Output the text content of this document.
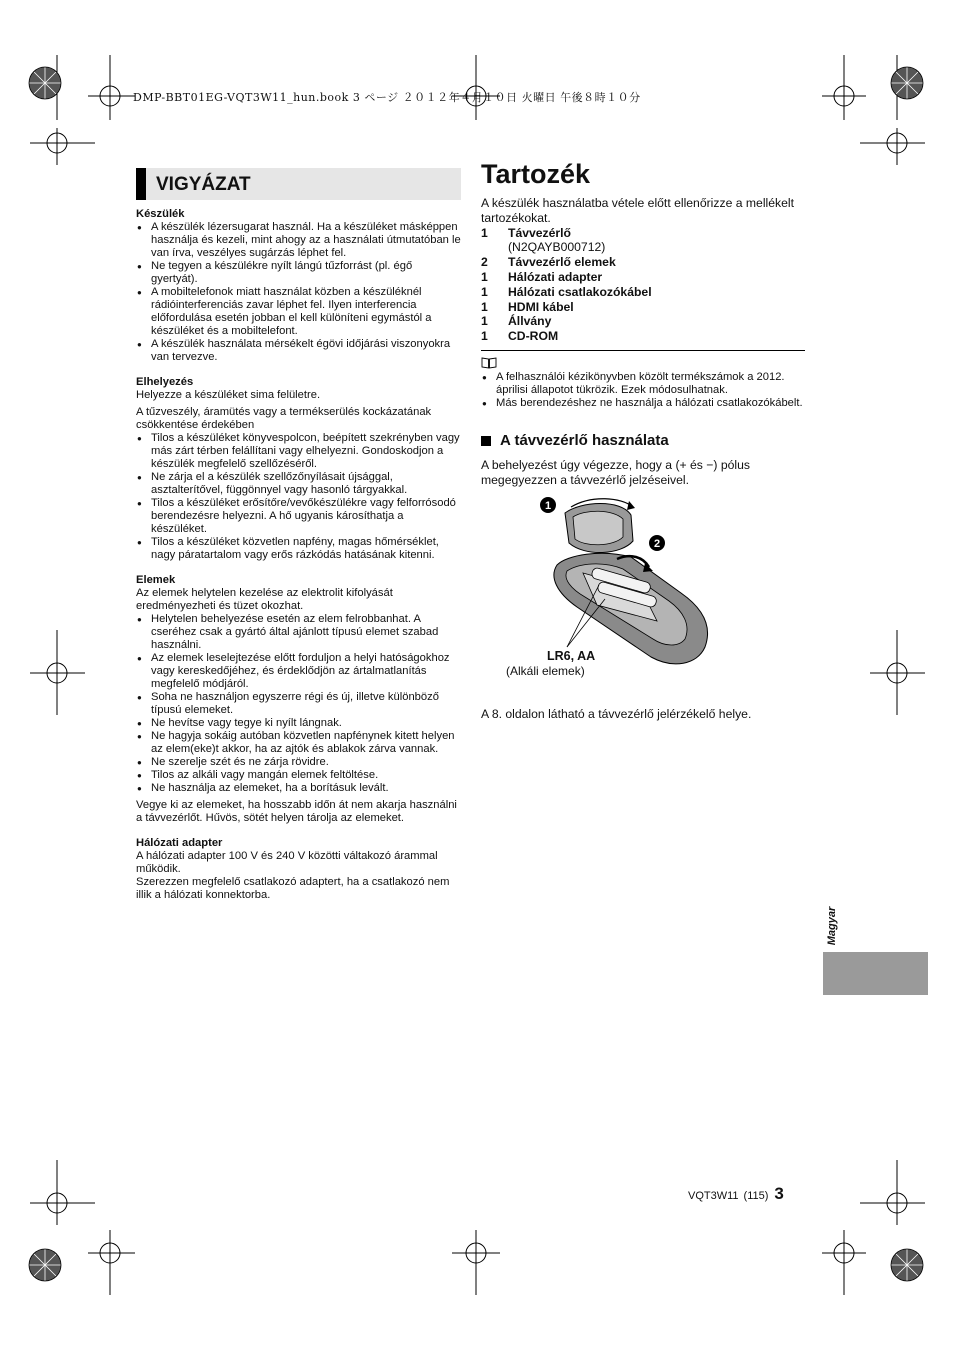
DMP-BBT01EG-VQT3W11_hun.book 3 ページ ２０１２年４月１０日 火曜日 午後８時１０分
VIGYÁZAT
Készülék
● A készülék lézersugarat használ. Ha a készüléket másképpen használja és kezeli, mint ahogy az a használati útmutatóban le van írva, veszélyes sugárzás léphet fel.
● Ne tegyen a készülékre nyílt lángú tűzforrást (pl. égő gyertyát).
● A mobiltelefonok miatt használat közben a készüléknél rádióinterferenciás zavar léphet fel. Ilyen interferencia előfordulása esetén jobban el kell különíteni egymástól a készüléket és a mobiltelefont.
● A készülék használata mérsékelt égövi időjárási viszonyokra van tervezve.
Elhelyezés

Helyezze a készüléket sima felületre.

A tűzveszély, áramütés vagy a termékserülés kockázatának csökkentése érdekében

● Tilos a készüléket könyvespolcon, beépített szekrényben vagy más zárt térben felállítani vagy elhelyezni. Gondoskodjon a készülék megfelelő szellőzéséről.
● Ne zárja el a készülék szellőzőnyílásait újsággal, asztalterítővel, függönnyel vagy hasonló tárgyakkal.
● Tilos a készüléket erősítőre/vevőkészülékre vagy felforrósodó berendezésre helyezni. A hő ugyanis károsíthatja a készüléket.
● Tilos a készüléket közvetlen napfény, magas hőmérséklet, nagy páratartalom vagy erős rázkódás hatásának kitenni.
Elemek

Az elemek helytelen kezelése az elektrolit kifolyását eredményezheti és tüzet okozhat.

● Helytelen behelyezése esetén az elem felrobbanhat. A cseréhez csak a gyártó által ajánlott típusú elemet szabad használni.
● Az elemek leselejtezése előtt forduljon a helyi hatóságokhoz vagy kereskedőjéhez, és érdeklődjön az ártalmatlanítás megfelelő módjáról.
● Soha ne használjon egyszerre régi és új, illetve különböző típusú elemeket.
● Ne hevítse vagy tegye ki nyílt lángnak.
● Ne hagyja sokáig autóban közvetlen napfénynek kitett helyen az elem(eke)t akkor, ha az ajtók és ablakok zárva vannak.
● Ne szerelje szét és ne zárja rövidre.
● Tilos az alkáli vagy mangán elemek feltöltése.
● Ne használja az elemeket, ha a borításuk levált.

Vegye ki az elemeket, ha hosszabb időn át nem akarja használni a távvezérlőt. Hűvös, sötét helyen tárolja az elemeket.

Hálózati adapter

A hálózati adapter 100 V és 240 V közötti váltakozó árammal működik.

Szerezzen megfelelő csatlakozó adaptert, ha a csatlakozó nem illik a hálózati konnektorba.

Tartozék

A készülék használatba vétele előtt ellenőrizze a mellékelt tartozékokat.

1	Távvezérlő
(N2QAYB000712)
2	Távvezérlő elemek
1	Hálózati adapter
1	Hálózati csatlakozókábel
1	HDMI kábel
1	Állvány
1	CD-ROM
● A felhasználói kézikönyvben közölt termékszámok a 2012. áprilisi állapotot tükrözik. Ezek módosulhatnak.
● Más berendezéshez ne használja a hálózati csatlakozókábelt.
A távvezérlő használata

A behelyezést úgy végezze, hogy a (+ és −) pólus megegyezzen a távvezérlő jelzéseivel.

1
2
LR6, AA
(Alkáli elemek)

A 8. oldalon látható a távvezérlő jelérzékelő helye.

Magyar
VQT3W11 (115) 3
